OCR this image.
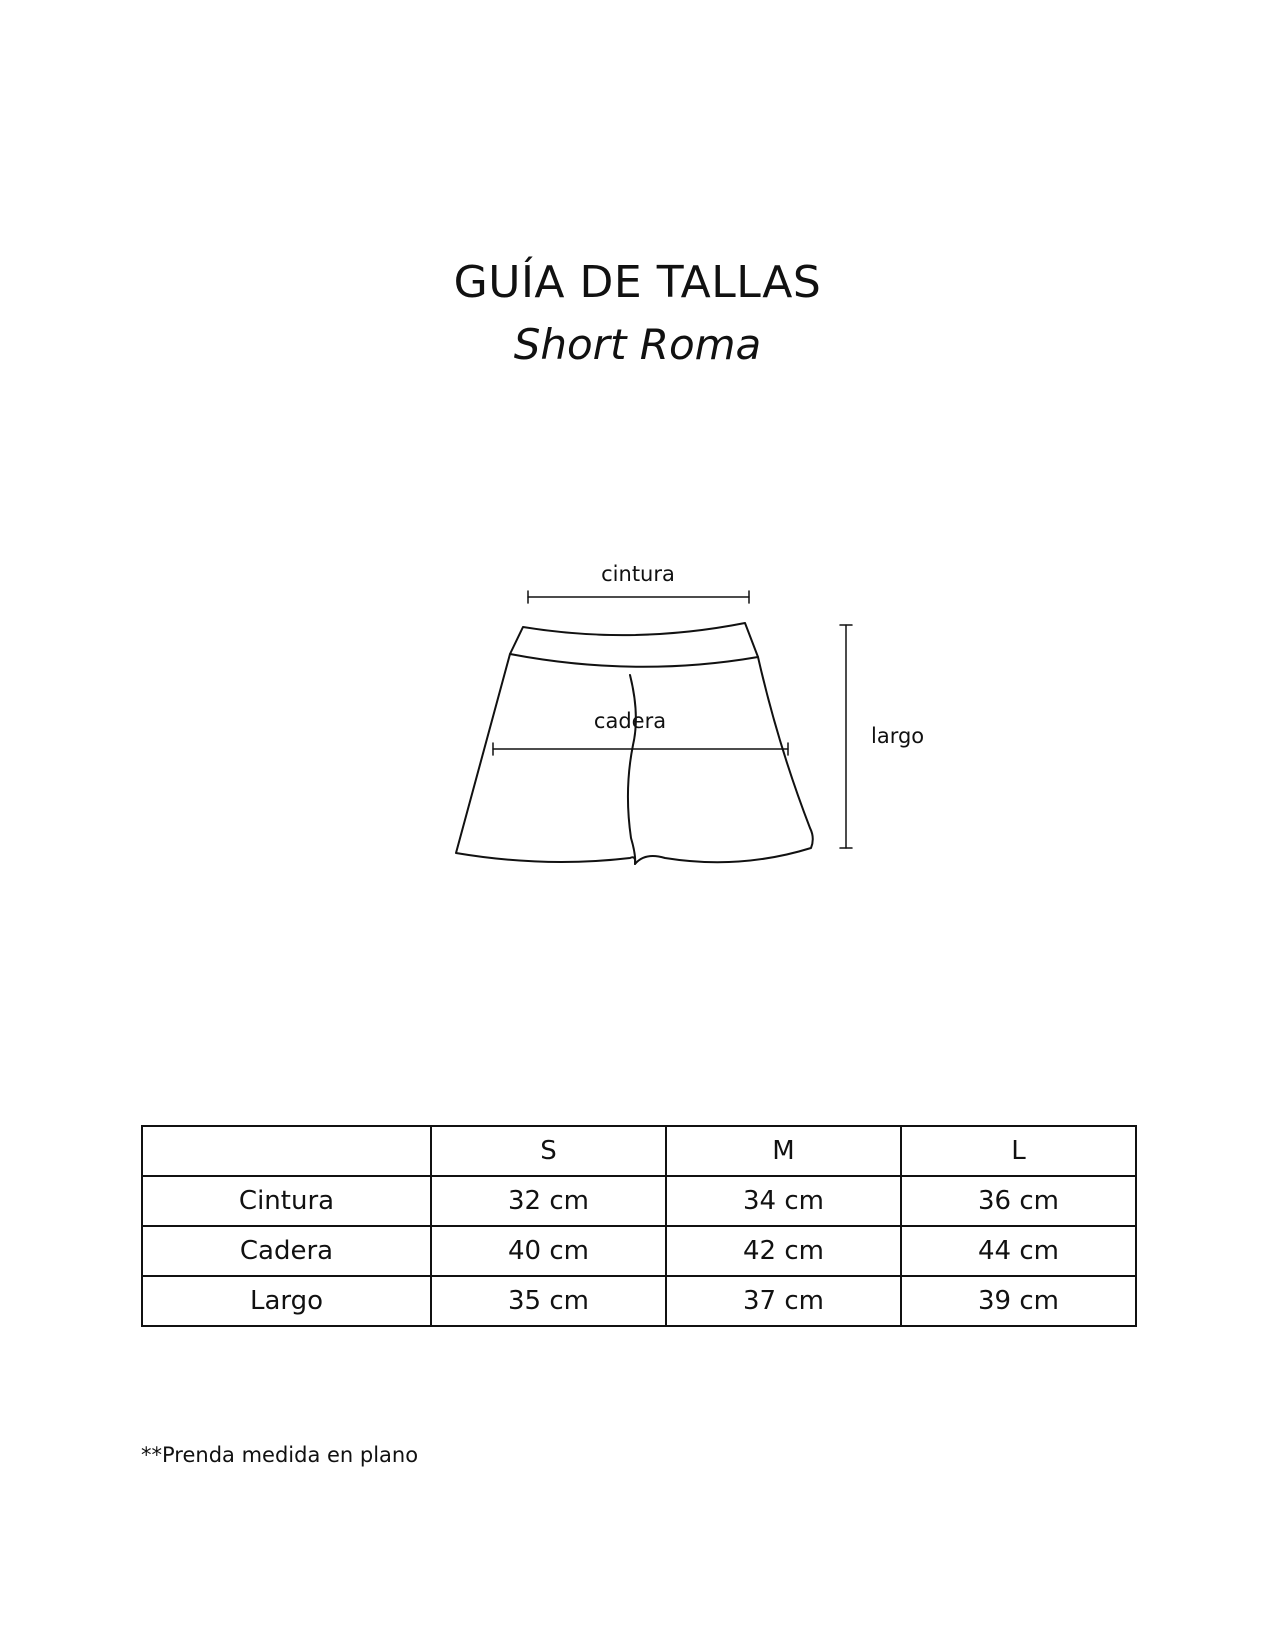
GUÍA DE TALLAS
Short Roma
cintura
cadera
largo
	S	M	L
Cintura	32 cm	34 cm	36 cm
Cadera	40 cm	42 cm	44 cm
Largo	35 cm	37 cm	39 cm
**Prenda medida en plano
